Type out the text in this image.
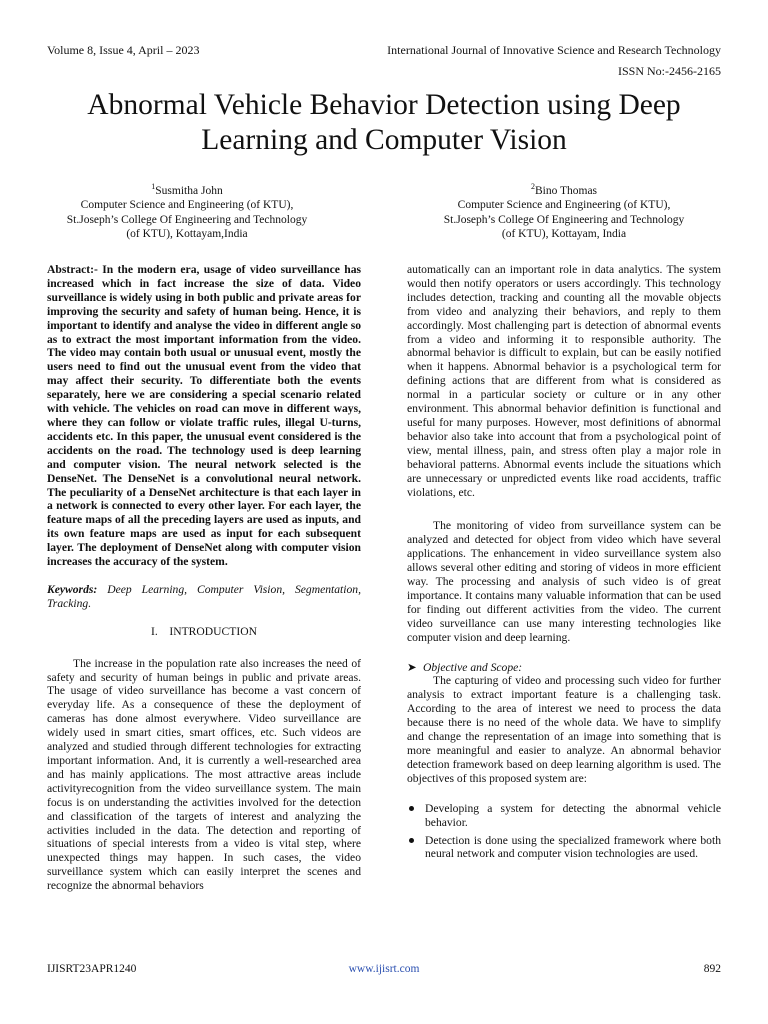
Volume 8, Issue 4, April – 2023	International Journal of Innovative Science and Research Technology
ISSN No:-2456-2165
Abnormal Vehicle Behavior Detection using Deep
Learning and Computer Vision
$^1$Susmitha John
Computer Science and Engineering (of KTU),
St.Joseph’s College Of Engineering and Technology
(of KTU), Kottayam,India
$^2$Bino Thomas
Computer Science and Engineering (of KTU),
St.Joseph’s College Of Engineering and Technology
(of KTU), Kottayam, India

Abstract:- In the modern era, usage of video surveillance has increased which in fact increase the size of data. Video surveillance is widely using in both public and private areas for improving the security and safety of human being. Hence, it is important to identify and analyse the video in different angle so as to extract the most important information from the video. The video may contain both usual or unusual event, mostly the users need to find out the unusual event from the video that may affect their security. To differentiate both the events separately, here we are considering a special scenario related with vehicle. The vehicles on road can move in different ways, where they can follow or violate traffic rules, illegal U-turns, accidents etc. In this paper, the unusual event considered is the accidents on the road. The technology used is deep learning and computer vision. The neural network selected is the DenseNet. The DenseNet is a convolutional neural network. The peculiarity of a DenseNet architecture is that each layer in a network is connected to every other layer. For each layer, the feature maps of all the preceding layers are used as inputs, and its own feature maps are used as input for each subsequent layer. The deployment of DenseNet along with computer vision increases the accuracy of the system.

Keywords: Deep Learning, Computer Vision, Segmentation, Tracking.

I.    INTRODUCTION

The increase in the population rate also increases the need of safety and security of human beings in public and private areas. The usage of video surveillance has become a vast concern of everyday life. As a consequence of these the deployment of cameras has done almost everywhere. Video surveillance are widely used in smart cities, smart offices, etc. Such videos are analyzed and studied through different technologies for extracting important information. And, it is currently a well-researched area and has mainly applications. The most attractive areas include activityrecognition from the video surveillance system. The main focus is on understanding the activities involved for the detection and classification of the targets of interest and analyzing the activities included in the data. The detection and reporting of situations of special interests from a video is vital step, where unexpected things may happen. In such cases, the video surveillance system which can easily interpret the scenes and recognize the abnormal behaviors

automatically can an important role in data analytics. The system would then notify operators or users accordingly. This technology includes detection, tracking and counting all the movable objects from video and analyzing their behaviors, and reply to them accordingly. Most challenging part is detection of abnormal events from a video and informing it to responsible authority. The abnormal behavior is difficult to explain, but can be easily notified when it happens. Abnormal behavior is a psychological term for defining actions that are different from what is considered as normal in a particular society or culture or in any other environment. This abnormal behavior definition is functional and useful for many purposes. However, most definitions of abnormal behavior also take into account that from a psychological point of view, mental illness, pain, and stress often play a major role in behavioral patterns. Abnormal events include the situations which are unnecessary or unpredicted events like road accidents, traffic violations, etc.

The monitoring of video from surveillance system can be analyzed and detected for object from video which have several applications. The enhancement in video surveillance system also allows several other editing and storing of videos in more efficient way. The processing and analysis of such video is of great importance. It contains many valuable information that can be used for finding out different activities from the video. The current video surveillance can use many interesting technologies like computer vision and deep learning.

➤ Objective and Scope:

The capturing of video and processing such video for further analysis to extract important feature is a challenging task. According to the area of interest we need to process the data because there is no need of the whole data. We have to simplify and change the representation of an image into something that is more meaningful and easier to analyze. An abnormal behavior detection framework based on deep learning algorithm is used. The objectives of this proposed system are:

Developing a system for detecting the abnormal vehicle behavior.
Detection is done using the specialized framework where both neural network and computer vision technologies are used.
IJISRT23APR1240	www.ijisrt.com	892
